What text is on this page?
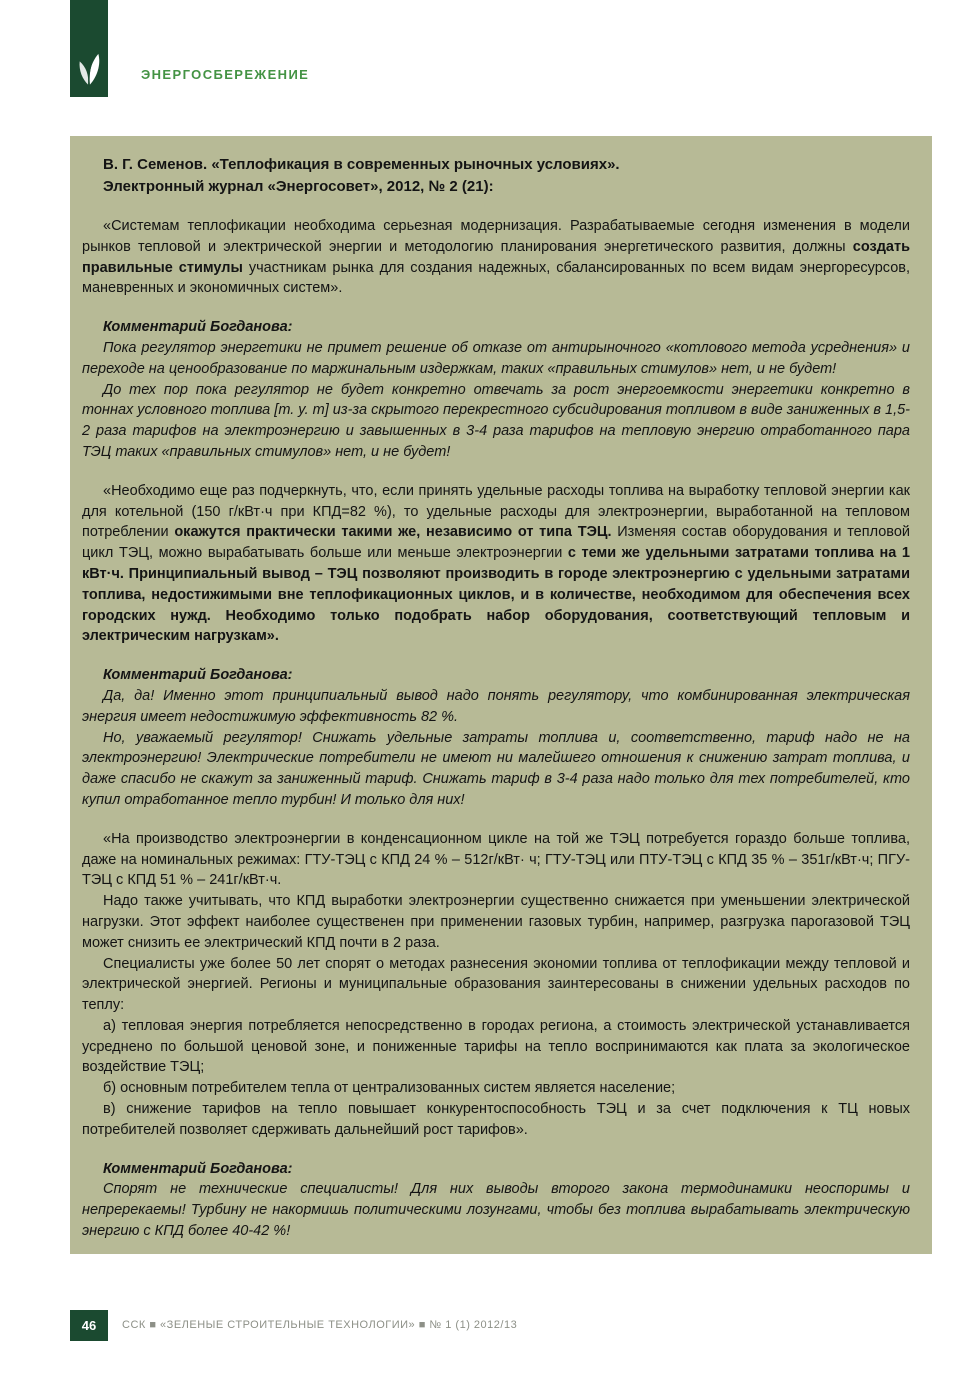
ЭНЕРГОСБЕРЕЖЕНИЕ

В. Г. Семенов. «Теплофикация в современных рыночных условиях».

Электронный журнал «Энергосовет», 2012, № 2 (21):

«Системам теплофикации необходима серьезная модернизация. Разрабатываемые сегодня изменения в модели рынков тепловой и электрической энергии и методологию планирования энергетического развития, должны создать правильные стимулы участникам рынка для создания надежных, сбалансированных по всем видам энергоресурсов, маневренных и экономичных систем».

Комментарий Богданова:

Пока регулятор энергетики не примет решение об отказе от антирыночного «котлового метода усреднения» и переходе на ценообразование по маржинальным издержкам, таких «правильных стимулов» нет, и не будет!

До тех пор пока регулятор не будет конкретно отвечать за рост энергоемкости энергетики конкретно в тоннах условного топлива [т. у. т] из-за скрытого перекрестного субсидирования топливом в виде заниженных в 1,5-2 раза тарифов на электроэнергию и завышенных в 3-4 раза тарифов на тепловую энергию отработанного пара ТЭЦ таких «правильных стимулов» нет, и не будет!

«Необходимо еще раз подчеркнуть, что, если принять удельные расходы топлива на выработку тепловой энергии как для котельной (150 г/кВт·ч при КПД=82 %), то удельные расходы для электроэнергии, выработанной на тепловом потреблении окажутся практически такими же, независимо от типа ТЭЦ. Изменяя состав оборудования и тепловой цикл ТЭЦ, можно вырабатывать больше или меньше электроэнергии с теми же удельными затратами топлива на 1 кВт·ч. Принципиальный вывод – ТЭЦ позволяют производить в городе электроэнергию с удельными затратами топлива, недостижимыми вне теплофикационных циклов, и в количестве, необходимом для обеспечения всех городских нужд. Необходимо только подобрать набор оборудования, соответствующий тепловым и электрическим нагрузкам».

Комментарий Богданова:

Да, да! Именно этот принципиальный вывод надо понять регулятору, что комбинированная электрическая энергия имеет недостижимую эффективность 82 %.

Но, уважаемый регулятор! Снижать удельные затраты топлива и, соответственно, тариф надо не на электроэнергию! Электрические потребители не имеют ни малейшего отношения к снижению затрат топлива, и даже спасибо не скажут за заниженный тариф. Снижать тариф в 3-4 раза надо только для тех потребителей, кто купил отработанное тепло турбин! И только для них!

«На производство электроэнергии в конденсационном цикле на той же ТЭЦ потребуется гораздо больше топлива, даже на номинальных режимах: ГТУ-ТЭЦ с КПД 24 % – 512г/кВт· ч; ГТУ-ТЭЦ или ПТУ-ТЭЦ с КПД 35 % – 351г/кВт·ч; ПГУ-ТЭЦ с КПД 51 % – 241г/кВт·ч.

Надо также учитывать, что КПД выработки электроэнергии существенно снижается при уменьшении электрической нагрузки. Этот эффект наиболее существенен при применении газовых турбин, например, разгрузка парогазовой ТЭЦ может снизить ее электрический КПД почти в 2 раза.

Специалисты уже более 50 лет спорят о методах разнесения экономии топлива от теплофикации между тепловой и электрической энергией. Регионы и муниципальные образования заинтересованы в снижении удельных расходов по теплу:

а) тепловая энергия потребляется непосредственно в городах региона, а стоимость электрической устанавливается усреднено по большой ценовой зоне, и пониженные тарифы на тепло воспринимаются как плата за экологическое воздействие ТЭЦ;

б) основным потребителем тепла от централизованных систем является население;

в) снижение тарифов на тепло повышает конкурентоспособность ТЭЦ и за счет подключения к ТЦ новых потребителей позволяет сдерживать дальнейший рост тарифов».

Комментарий Богданова:

Спорят не технические специалисты! Для них выводы второго закона термодинамики неоспоримы и непререкаемы! Турбину не накормишь политическими лозунгами, чтобы без топлива вырабатывать электрическую энергию с КПД более 40-42 %!

46	ССК ■ «ЗЕЛЕНЫЕ СТРОИТЕЛЬНЫЕ ТЕХНОЛОГИИ» ■ № 1 (1) 2012/13
